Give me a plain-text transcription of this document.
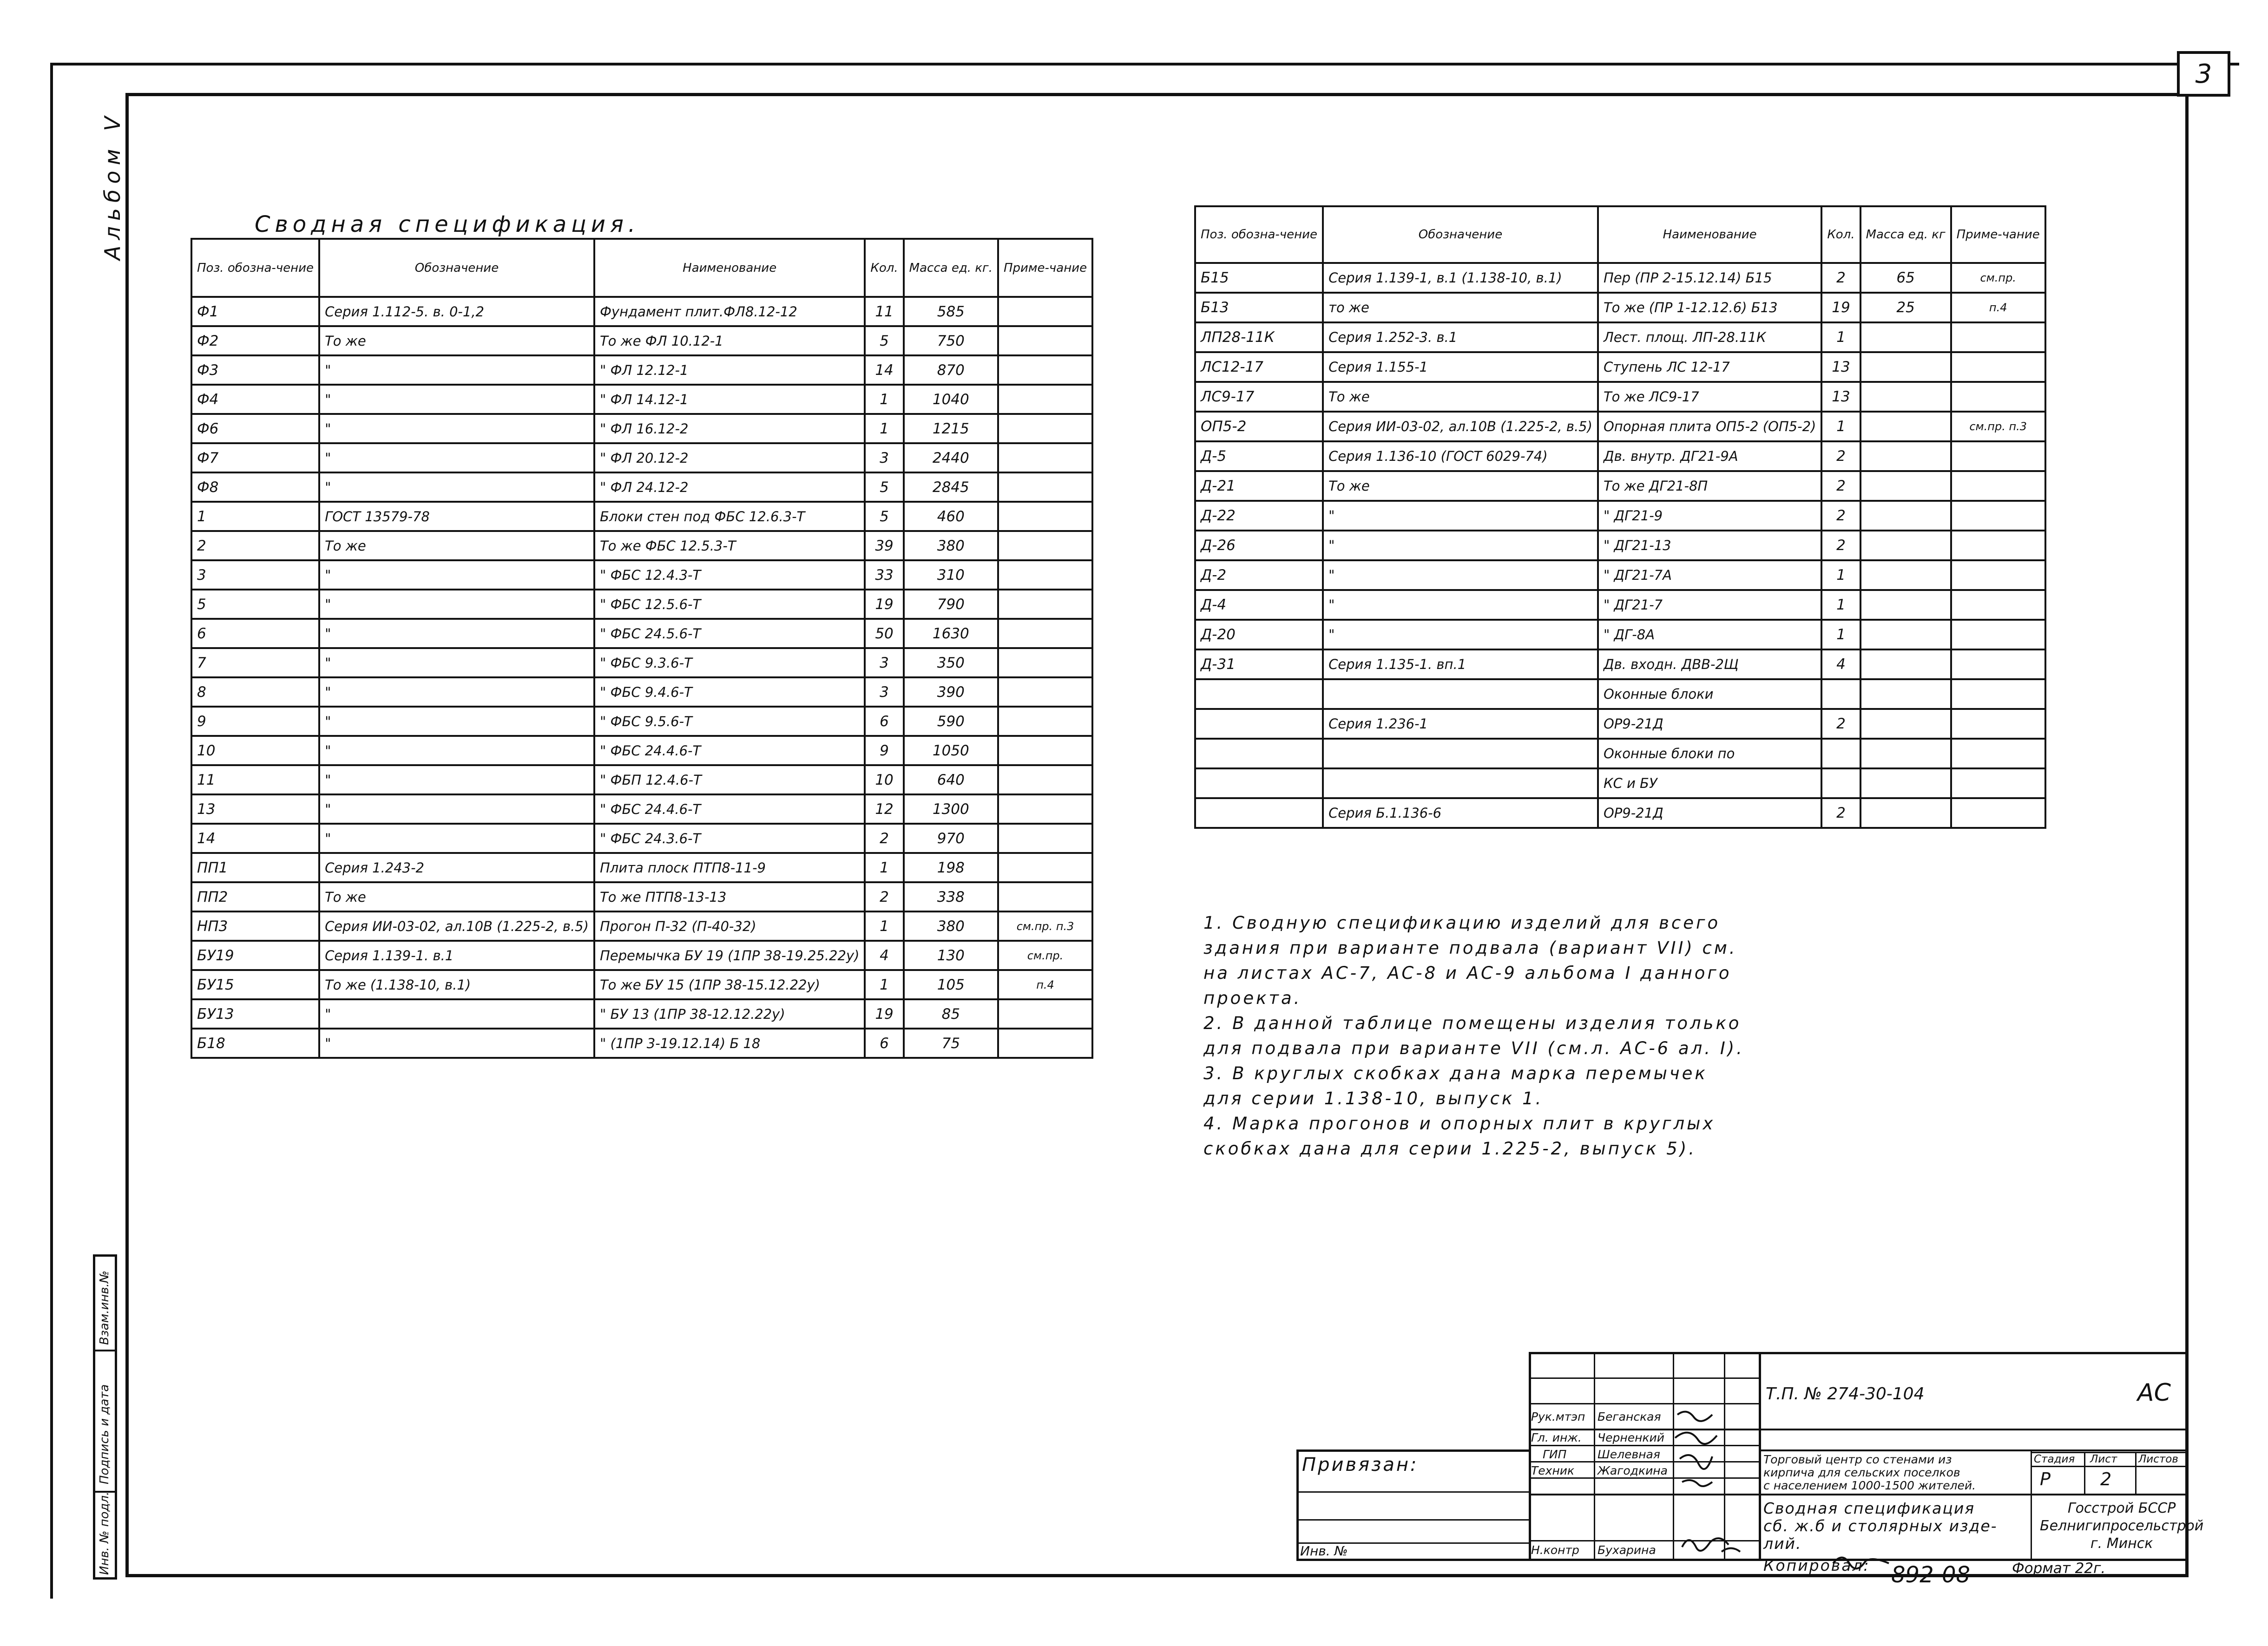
3
Альбом V
Взам.инв.№
Подпись и дата
Инв. № подл.
Сводная спецификация.
Поз. обозна-чение	Обозначение	Наименование	Кол.	Масса ед. кг.	Приме-чание
Ф1	Серия 1.112-5. в. 0-1,2	Фундамент плит.ФЛ8.12-12	11	585	
Ф2	То же	То же ФЛ 10.12-1	5	750	
Ф3	"	" ФЛ 12.12-1	14	870	
Ф4	"	" ФЛ 14.12-1	1	1040	
Ф6	"	" ФЛ 16.12-2	1	1215	
Ф7	"	" ФЛ 20.12-2	3	2440	
Ф8	"	" ФЛ 24.12-2	5	2845	
1	ГОСТ 13579-78	Блоки стен под ФБС 12.6.3-Т	5	460	
2	То же	То же ФБС 12.5.3-Т	39	380	
3	"	" ФБС 12.4.3-Т	33	310	
5	"	" ФБС 12.5.6-Т	19	790	
6	"	" ФБС 24.5.6-Т	50	1630	
7	"	" ФБС 9.3.6-Т	3	350	
8	"	" ФБС 9.4.6-Т	3	390	
9	"	" ФБС 9.5.6-Т	6	590	
10	"	" ФБС 24.4.6-Т	9	1050	
11	"	" ФБП 12.4.6-Т	10	640	
13	"	" ФБС 24.4.6-Т	12	1300	
14	"	" ФБС 24.3.6-Т	2	970	
ПП1	Серия 1.243-2	Плита плоск ПТП8-11-9	1	198	
ПП2	То же	То же ПТП8-13-13	2	338	
НП3	Серия ИИ-03-02, ал.10В (1.225-2, в.5)	Прогон П-32 (П-40-32)	1	380	см.пр. п.3
БУ19	Серия 1.139-1. в.1	Перемычка БУ 19 (1ПР 38-19.25.22у)	4	130	см.пр.
БУ15	То же (1.138-10, в.1)	То же БУ 15 (1ПР 38-15.12.22у)	1	105	п.4
БУ13	"	" БУ 13 (1ПР 38-12.12.22у)	19	85	
Б18	"	" (1ПР 3-19.12.14) Б 18	6	75	
Поз. обозна-чение	Обозначение	Наименование	Кол.	Масса ед. кг	Приме-чание
Б15	Серия 1.139-1, в.1 (1.138-10, в.1)	Пер (ПР 2-15.12.14) Б15	2	65	см.пр.
Б13	то же	То же (ПР 1-12.12.6) Б13	19	25	п.4
ЛП28-11К	Серия 1.252-3. в.1	Лест. площ. ЛП-28.11К	1		
ЛС12-17	Серия 1.155-1	Ступень ЛС 12-17	13		
ЛС9-17	То же	То же ЛС9-17	13		
ОП5-2	Серия ИИ-03-02, ал.10В (1.225-2, в.5)	Опорная плита ОП5-2 (ОП5-2)	1		см.пр. п.3
Д-5	Серия 1.136-10 (ГОСТ 6029-74)	Дв. внутр. ДГ21-9А	2		
Д-21	То же	То же ДГ21-8П	2		
Д-22	"	" ДГ21-9	2		
Д-26	"	" ДГ21-13	2		
Д-2	"	" ДГ21-7А	1		
Д-4	"	" ДГ21-7	1		
Д-20	"	" ДГ-8А	1		
Д-31	Серия 1.135-1. вп.1	Дв. входн. ДВВ-2Щ	4		
		Оконные блоки			
	Серия 1.236-1	ОР9-21Д	2		
		Оконные блоки по			
		КС и БУ			
	Серия Б.1.136-6	ОР9-21Д	2		
1. Сводную спецификацию изделий для всего
здания при варианте подвала (вариант VII) см.
на листах АС-7, АС-8 и АС-9 альбома I данного
проекта.
2. В данной таблице помещены изделия только
для подвала при варианте VII (см.л. АС-6 ал. I).
3. В круглых скобках дана марка перемычек
для серии 1.138-10, выпуск 1.
4. Марка прогонов и опорных плит в круглых
скобках дана для серии 1.225-2, выпуск 5).
Привязан:
Инв. №
Т.П. № 274-30-104	АС
Рук.мтэп Беганская
Гл. инж. Черненкий
ГИП	Шелевная
Техник Жагодкина
Н.контр Бухарина
Торговый центр со стенами из
кирпича для сельских поселков
с населением 1000-1500 жителей.
Стадия Лист Листов
Р	2
Сводная спецификация
сб. ж.б и столярных изде-
лий.
Госстрой БССР
Белнигипросельстрой
г. Минск
Копировал: 892-08	Формат 22г.
